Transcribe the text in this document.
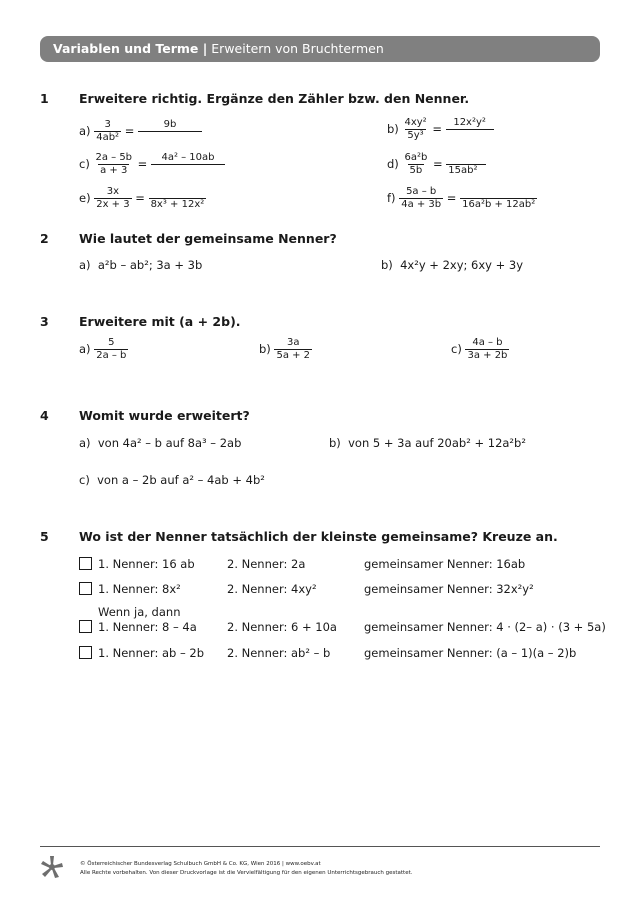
Variablen und Terme | Erweitern von Bruchtermen
1 Erweitere richtig. Ergänze den Zähler bzw. den Nenner.
$a) \frac{3}{\text{4ab²}}$ =	9b	$b) \frac{\text{4xy²}}{\text{5y³}} = 12x^2y^2$
$c) \frac{2a - 5b}{a + 3} = 4a^2 - 10ab$	$d) \frac{\text{6a²b}}{5b} = 15ab^2$
$e) \frac{3x}{2x + 3} = 8x^3 + 12x^2$	$f) \frac{5a - b}{4a + 3b} = 16a^2b + 12ab^2$
2 Wie lautet der gemeinsame Nenner?
a) a²b – ab²; 3a + 3b	b) 4x²y + 2xy; 6xy + 3y
3 Erweitere mit (a + 2b).
$a) \frac{5}{2a - b}$	$b) \frac{3a}{5a + 2}$	$c) \frac{4a - b}{3a + 2b}$
4 Womit wurde erweitert?
a) von 4a² – b auf 8a³ – 2ab	b) von 5 + 3a auf 20ab² + 12a²b²
c) von a – 2b auf a² – 4ab + 4b²
5 Wo ist der Nenner tatsächlich der kleinste gemeinsame? Kreuze an.
1. Nenner: 16 ab	2. Nenner: 2a	gemeinsamer Nenner: 16ab
1. Nenner: 8x²	2. Nenner: 4xy²	gemeinsamer Nenner: 32x²y²
Wenn ja, dann
1. Nenner: 8 – 4a	2. Nenner: 6 + 10a gemeinsamer Nenner: 4 · (2– a) · (3 + 5a)
1. Nenner: ab – 2b 2. Nenner: ab² – b	gemeinsamer Nenner: (a – 1)(a – 2)b
© Österreichischer Bundesverlag Schulbuch GmbH & Co. KG, Wien 2016 | www.oebv.at
Alle Rechte vorbehalten. Von dieser Druckvorlage ist die Vervielfältigung für den eigenen Unterrichtsgebrauch gestattet.
